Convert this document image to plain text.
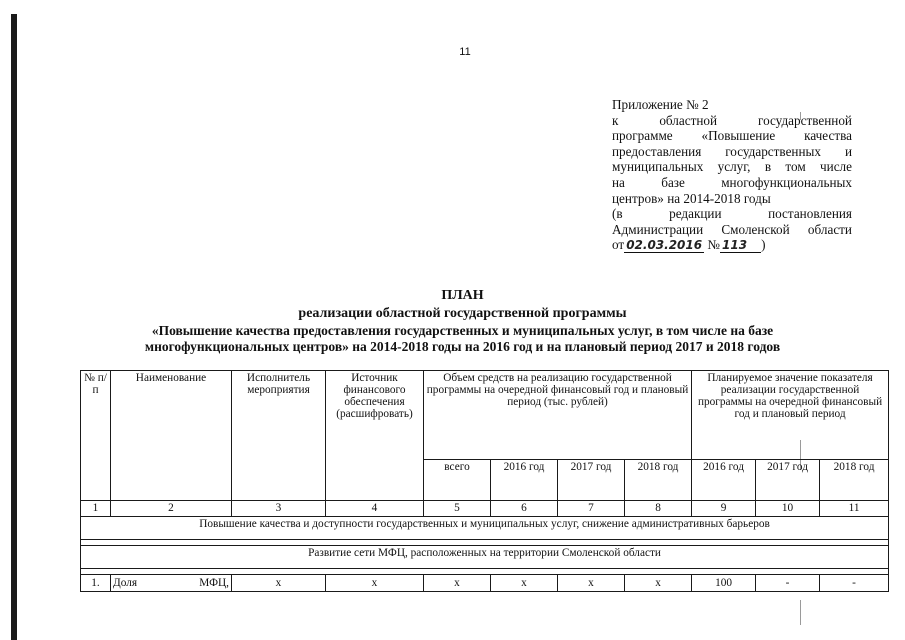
11
Приложение № 2
к областной государственной
программе «Повышение качества
предоставления государственных и
муниципальных услуг, в том числе
на базе многофункциональных
центров» на 2014-2018 годы
(в редакции постановления
Администрации Смоленской области
от 02.03.2016 № 113 )
ПЛАН
реализации областной государственной программы
«Повышение качества предоставления государственных и муниципальных услуг, в том числе на базе
многофункциональных центров» на 2014-2018 годы на 2016 год и на плановый период 2017 и 2018 годов
№ п/п	Наименование	Исполнитель мероприятия	Источник финансового обеспечения (расшифровать)	Объем средств на реализацию государственной программы на очередной финансовый год и плановый период (тыс. рублей)				Планируемое значение показателя реализации государственной программы на очередной финансовый год и плановый период		
				всего	2016 год	2017 год	2018 год	2016 год	2017 год	2018 год
1	2	3	4	5	6	7	8	9	10	11
Повышение качества и доступности государственных и муниципальных услуг, снижение административных барьеров										

Развитие сети МФЦ, расположенных на территории Смоленской области										

1.	Доля МФЦ,	х	х	х	х	х	х	100	-	-
